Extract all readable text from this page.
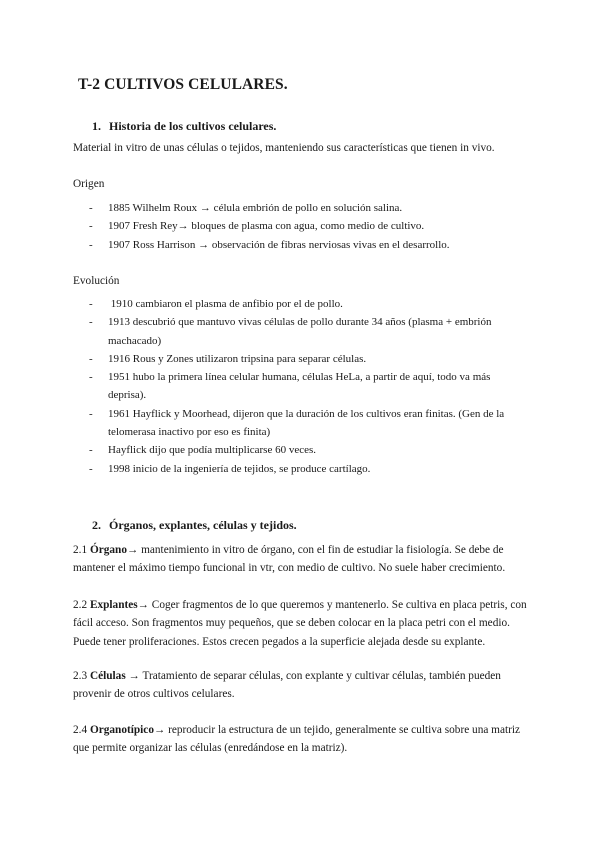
T-2 CULTIVOS CELULARES.
1. Historia de los cultivos celulares.

Material in vitro de unas células o tejidos, manteniendo sus características que tienen in vivo.

Origen

- 1885 Wilhelm Roux → célula embrión de pollo en solución salina.
- 1907 Fresh Rey→ bloques de plasma con agua, como medio de cultivo.
- 1907 Ross Harrison → observación de fibras nerviosas vivas en el desarrollo.

Evolución

- 1910 cambiaron el plasma de anfibio por el de pollo.
- 1913 descubrió que mantuvo vivas células de pollo durante 34 años (plasma + embrión machacado)
- 1916 Rous y Zones utilizaron tripsina para separar células.
- 1951 hubo la primera línea celular humana, células HeLa, a partir de aquí, todo va más deprisa).
- 1961 Hayflick y Moorhead, dijeron que la duración de los cultivos eran finitas. (Gen de la telomerasa inactivo por eso es finita)
- Hayflick dijo que podía multiplicarse 60 veces.
- 1998 inicio de la ingeniería de tejidos, se produce cartílago.
2. Órganos, explantes, células y tejidos.

2.1 Órgano→ mantenimiento in vitro de órgano, con el fin de estudiar la fisiología. Se debe de mantener el máximo tiempo funcional in vtr, con medio de cultivo. No suele haber crecimiento.

2.2 Explantes→ Coger fragmentos de lo que queremos y mantenerlo. Se cultiva en placa petris, con fácil acceso. Son fragmentos muy pequeños, que se deben colocar en la placa petri con el medio. Puede tener proliferaciones. Estos crecen pegados a la superficie alejada desde su explante.

2.3 Células → Tratamiento de separar células, con explante y cultivar células, también pueden provenir de otros cultivos celulares.

2.4 Organotípico→ reproducir la estructura de un tejido, generalmente se cultiva sobre una matriz que permite organizar las células (enredándose en la matriz).
